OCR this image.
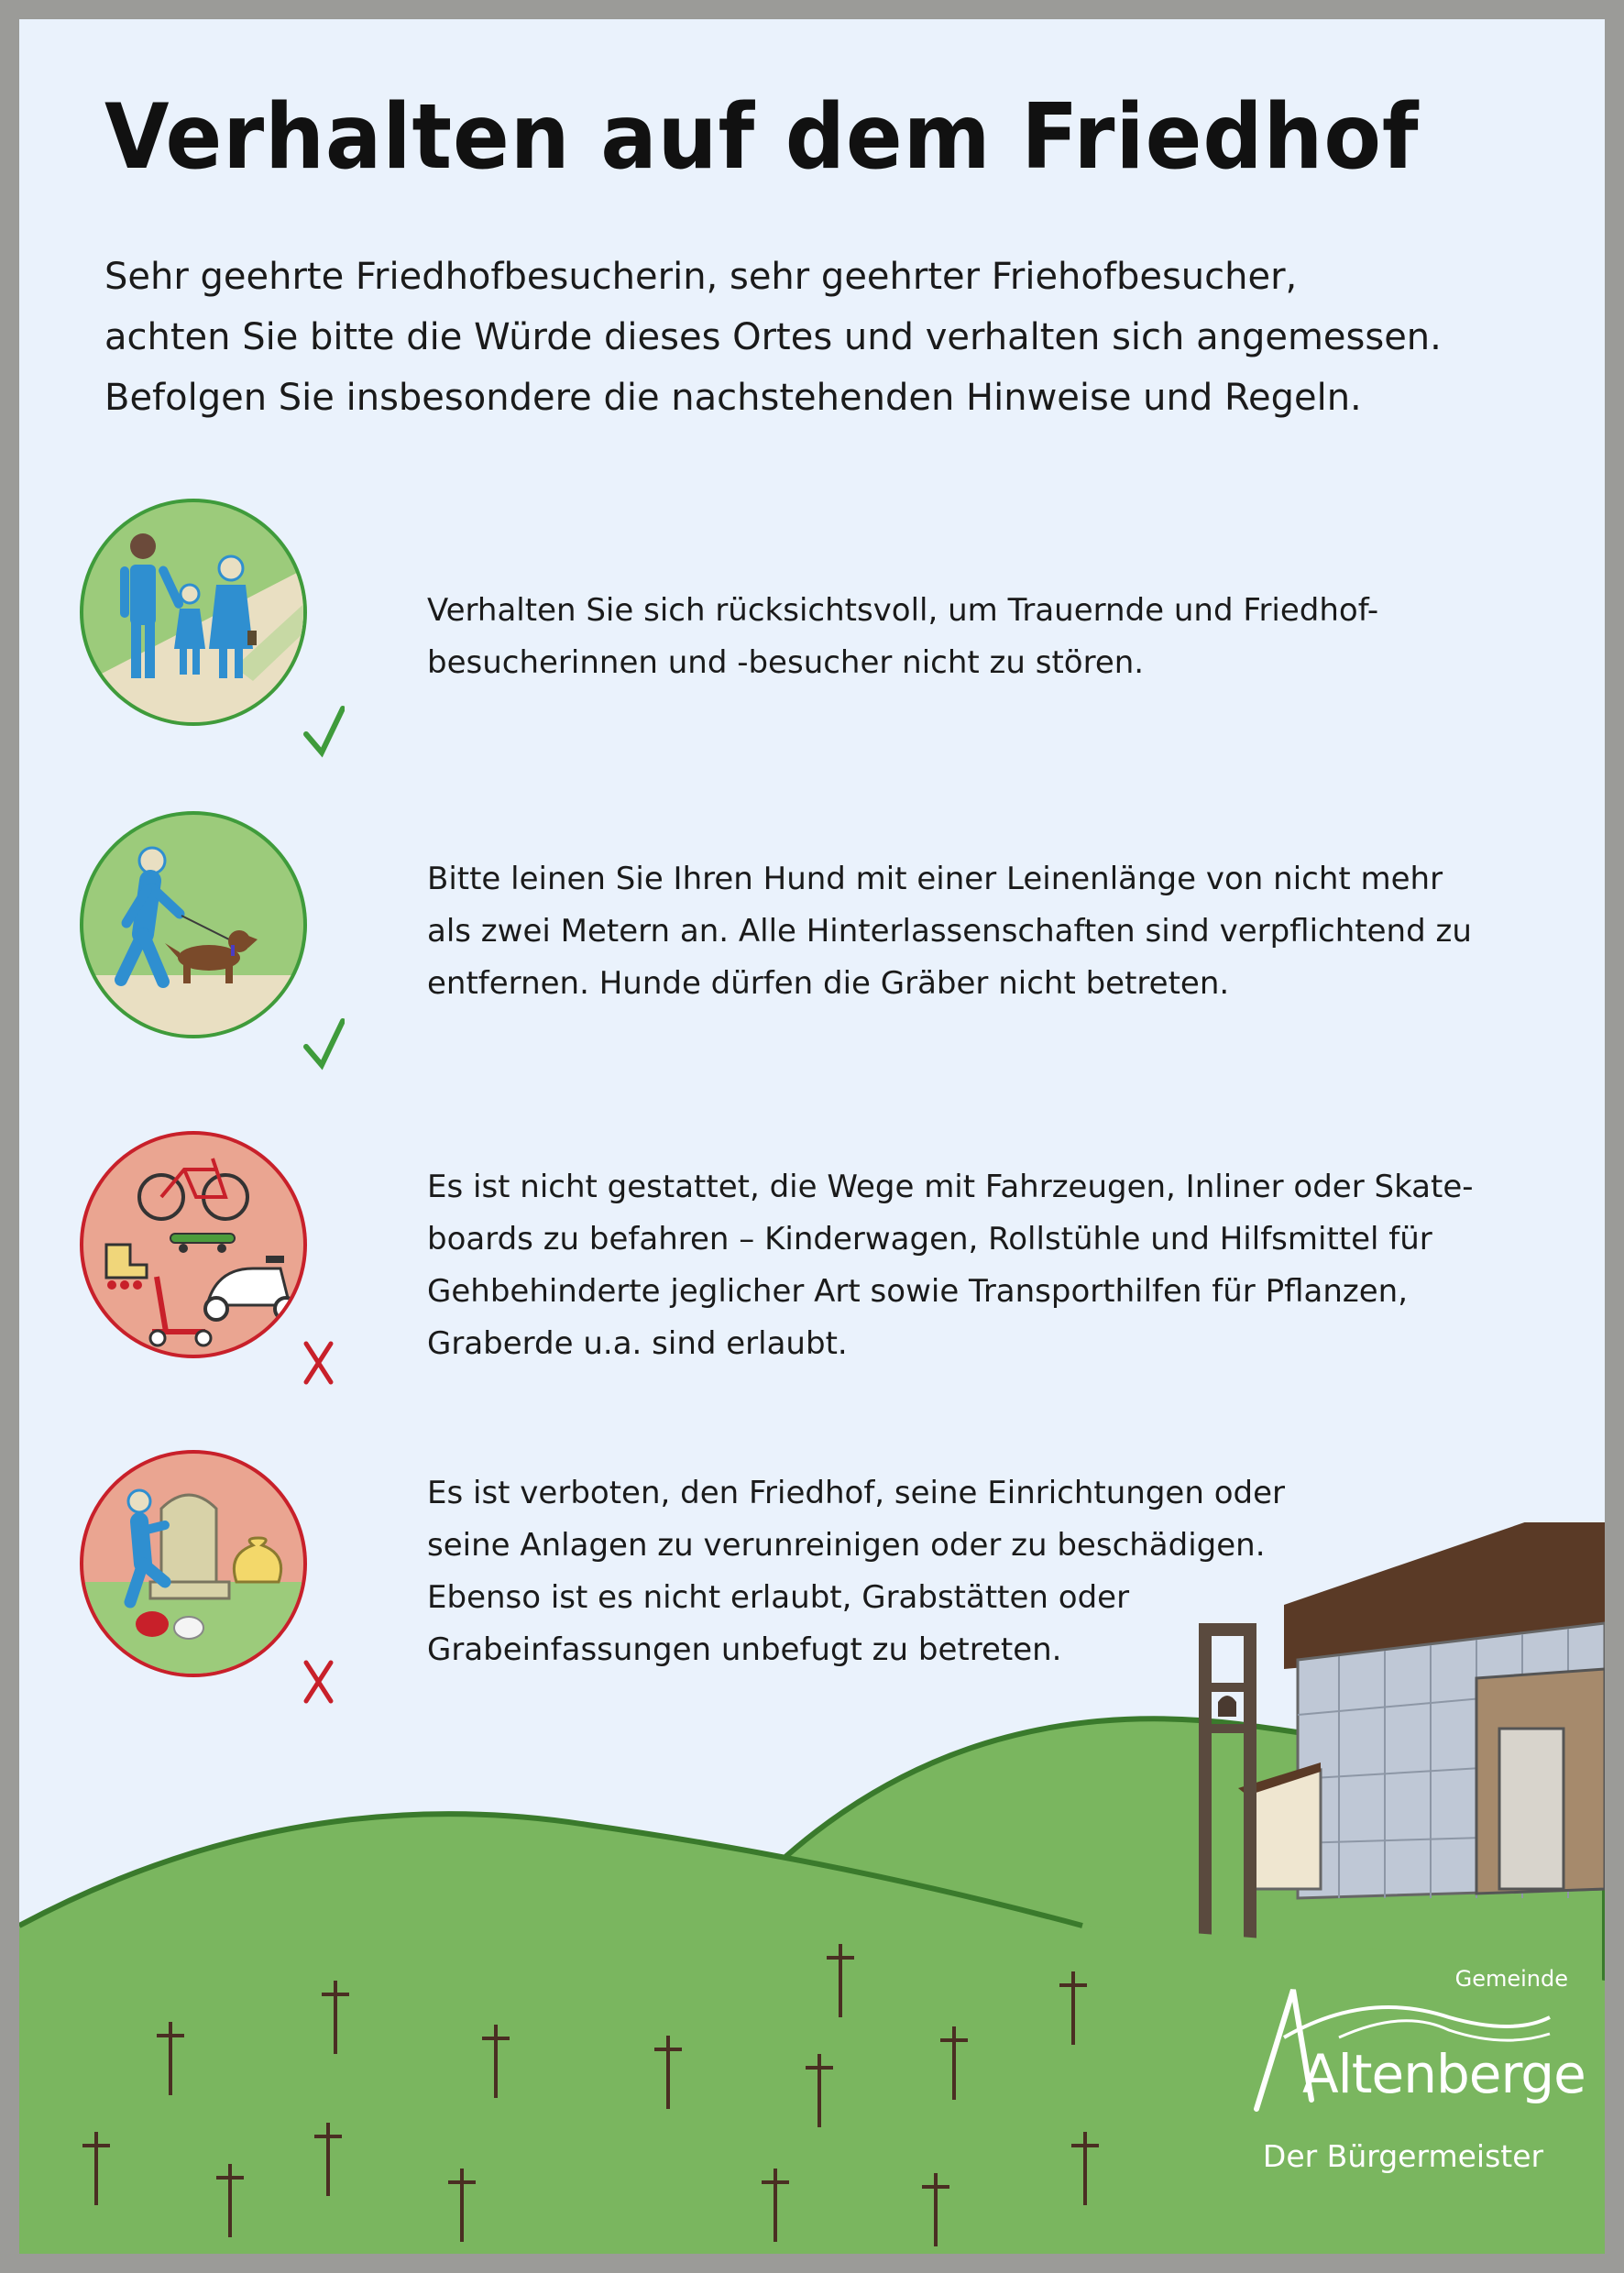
Verhalten auf dem Friedhof
Sehr geehrte Friedhofbesucherin, sehr geehrter Friehofbesucher,
achten Sie bitte die Würde dieses Ortes und verhalten sich angemessen.
Befolgen Sie insbesondere die nachstehenden Hinweise und Regeln.
Verhalten Sie sich rücksichtsvoll, um Trauernde und Friedhof-
besucherinnen und -besucher nicht zu stören.
Bitte leinen Sie Ihren Hund mit einer Leinenlänge von nicht mehr
als zwei Metern an. Alle Hinterlassenschaften sind verpflichtend zu
entfernen. Hunde dürfen die Gräber nicht betreten.
Es ist nicht gestattet, die Wege mit Fahrzeugen, Inliner oder Skate-
boards zu befahren – Kinderwagen, Rollstühle und Hilfsmittel für
Gehbehinderte jeglicher Art sowie Transporthilfen für Pflanzen,
Graberde u.a. sind erlaubt.
Es ist verboten, den Friedhof, seine Einrichtungen oder
seine Anlagen zu verunreinigen oder zu beschädigen.
Ebenso ist es nicht erlaubt, Grabstätten oder
Grabeinfassungen unbefugt zu betreten.
Gemeinde
Altenberge
Der Bürgermeister
